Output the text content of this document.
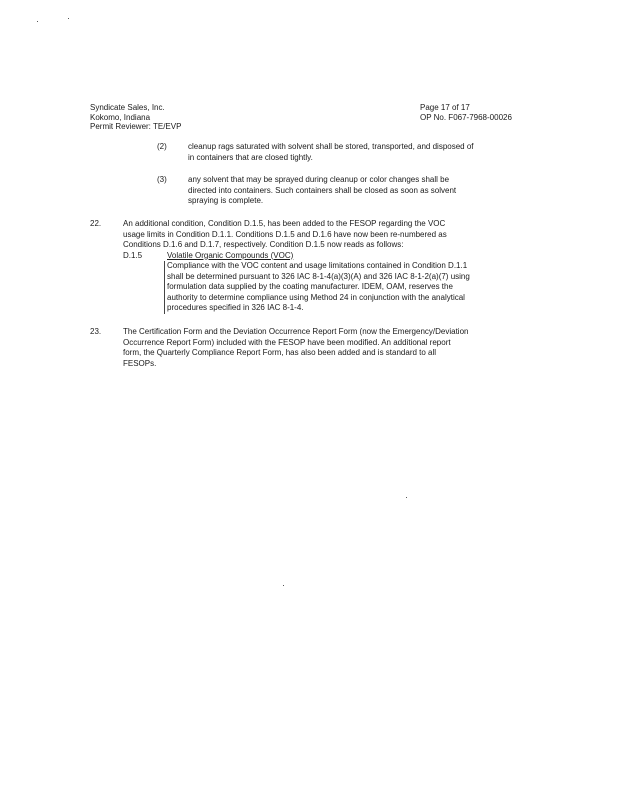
Syndicate Sales, Inc.
Kokomo, Indiana
Permit Reviewer: TE/EVP
Page 17 of 17
OP No. F067-7968-00026
(2)	cleanup rags saturated with solvent shall be stored, transported, and disposed of
in containers that are closed tightly.
(3)	any solvent that may be sprayed during cleanup or color changes shall be
directed into containers. Such containers shall be closed as soon as solvent
spraying is complete.
22.	An additional condition, Condition D.1.5, has been added to the FESOP regarding the VOC
usage limits in Condition D.1.1. Conditions D.1.5 and D.1.6 have now been re-numbered as
Conditions D.1.6 and D.1.7, respectively. Condition D.1.5 now reads as follows:
D.1.5	Volatile Organic Compounds (VOC)
Compliance with the VOC content and usage limitations contained in Condition D.1.1
shall be determined pursuant to 326 IAC 8-1-4(a)(3)(A) and 326 IAC 8-1-2(a)(7) using
formulation data supplied by the coating manufacturer. IDEM, OAM, reserves the
authority to determine compliance using Method 24 in conjunction with the analytical
procedures specified in 326 IAC 8-1-4.
23.	The Certification Form and the Deviation Occurrence Report Form (now the Emergency/Deviation
Occurrence Report Form) included with the FESOP have been modified. An additional report
form, the Quarterly Compliance Report Form, has also been added and is standard to all
FESOPs.
